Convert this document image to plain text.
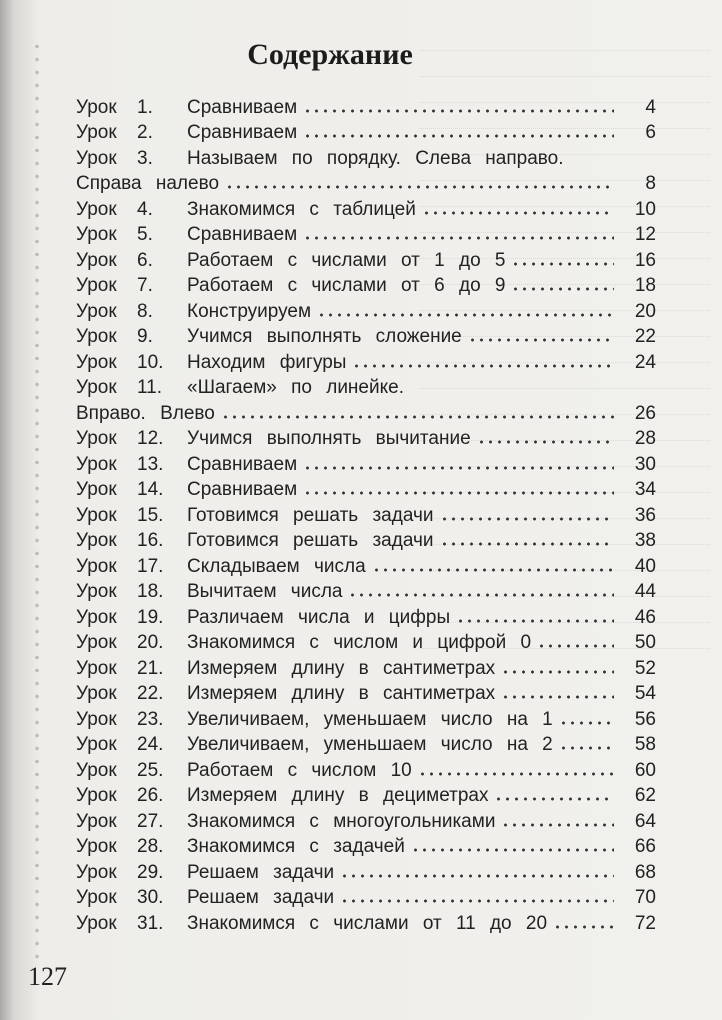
Содержание
Урок	1.	Сравниваем	4
Урок	2.	Сравниваем	6
Урок	3.	Называем по порядку. Слева направо.
Справа налево	8
Урок	4.	Знакомимся с таблицей	10
Урок	5.	Сравниваем	12
Урок	6.	Работаем с числами от 1 до 5	16
Урок	7.	Работаем с числами от 6 до 9	18
Урок	8.	Конструируем	20
Урок	9.	Учимся выполнять сложение	22
Урок	10.	Находим фигуры	24
Урок	11.	«Шагаем» по линейке.
Вправо. Влево	26
Урок	12.	Учимся выполнять вычитание	28
Урок	13.	Сравниваем	30
Урок	14.	Сравниваем	34
Урок	15.	Готовимся решать задачи	36
Урок	16.	Готовимся решать задачи	38
Урок	17.	Складываем числа	40
Урок	18.	Вычитаем числа	44
Урок	19.	Различаем числа и цифры	46
Урок	20.	Знакомимся с числом и цифрой 0	50
Урок	21.	Измеряем длину в сантиметрах	52
Урок	22.	Измеряем длину в сантиметрах	54
Урок	23.	Увеличиваем, уменьшаем число на 1	56
Урок	24.	Увеличиваем, уменьшаем число на 2	58
Урок	25.	Работаем с числом 10	60
Урок	26.	Измеряем длину в дециметрах	62
Урок	27.	Знакомимся с многоугольниками	64
Урок	28.	Знакомимся с задачей	66
Урок	29.	Решаем задачи	68
Урок	30.	Решаем задачи	70
Урок	31.	Знакомимся с числами от 11 до 20	72
127
